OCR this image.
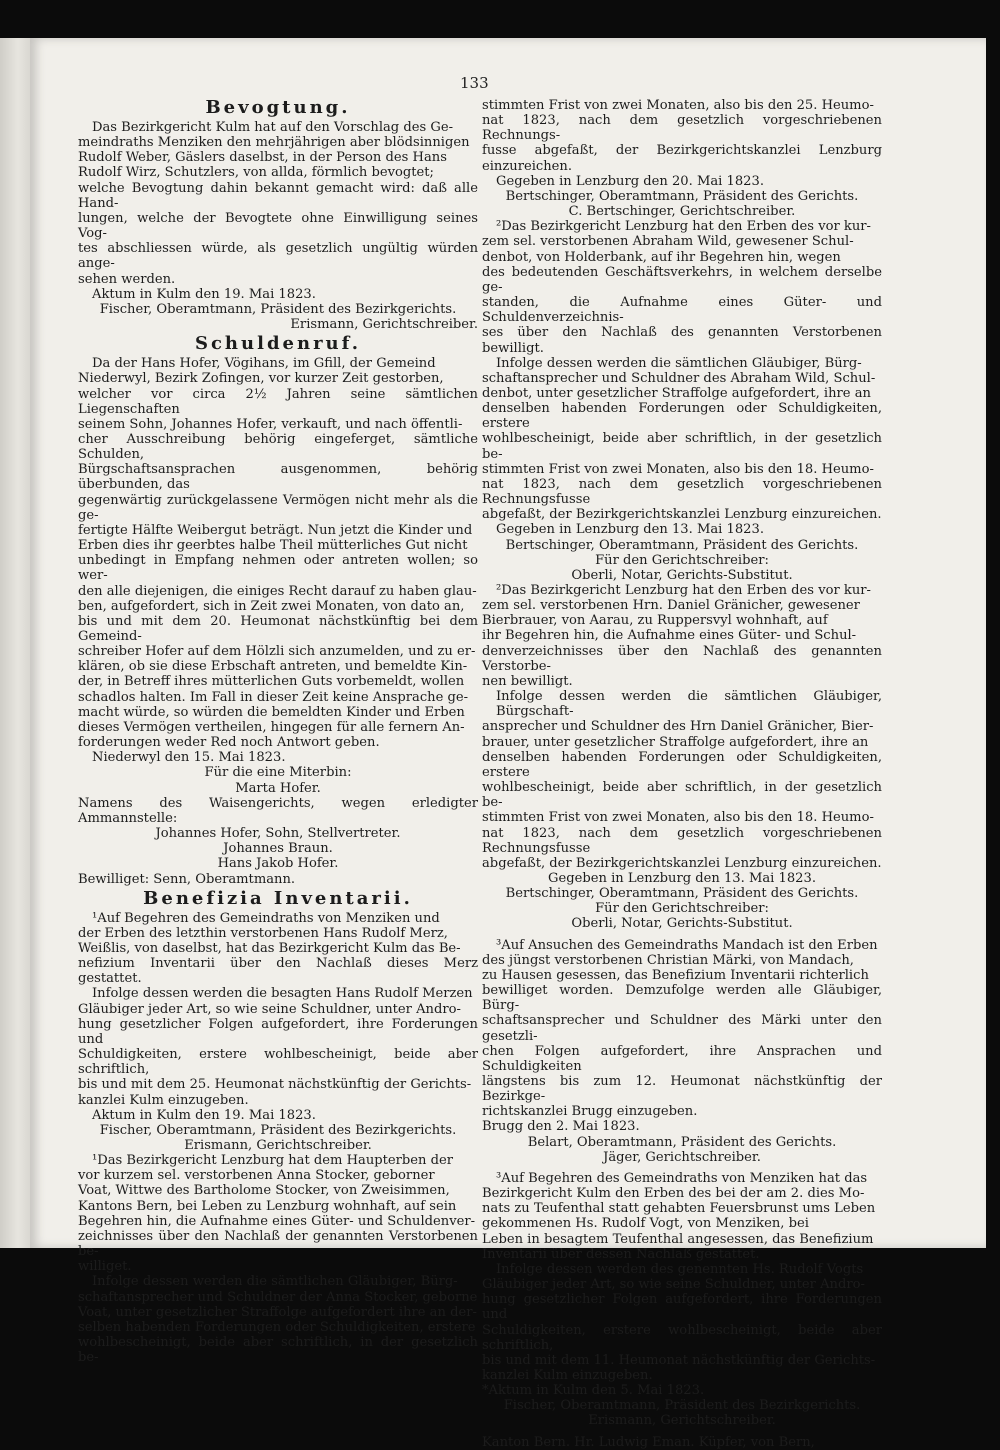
133

Bevogtung.

Das Bezirkgericht Kulm hat auf den Vorschlag des Ge-
meindraths Menziken den mehrjährigen aber blödsinnigen
Rudolf Weber, Gäslers daselbst, in der Person des Hans
Rudolf Wirz, Schutzlers, von allda, förmlich bevogtet;
welche Bevogtung dahin bekannt gemacht wird: daß alle Hand-
lungen, welche der Bevogtete ohne Einwilligung seines Vog-
tes abschliessen würde, als gesetzlich ungültig würden ange-
sehen werden.
Aktum in Kulm den 19. Mai 1823.
Fischer, Oberamtmann, Präsident des Bezirkgerichts.
Erismann, Gerichtschreiber.

Schuldenruf.

Da der Hans Hofer, Vögihans, im Gfill, der Gemeind
Niederwyl, Bezirk Zofingen, vor kurzer Zeit gestorben,
welcher vor circa 2½ Jahren seine sämtlichen Liegenschaften
seinem Sohn, Johannes Hofer, verkauft, und nach öffentli-
cher Ausschreibung behörig eingeferget, sämtliche Schulden,
Bürgschaftsansprachen ausgenommen, behörig überbunden, das
gegenwärtig zurückgelassene Vermögen nicht mehr als die ge-
fertigte Hälfte Weibergut beträgt. Nun jetzt die Kinder und
Erben dies ihr geerbtes halbe Theil mütterliches Gut nicht
unbedingt in Empfang nehmen oder antreten wollen; so wer-
den alle diejenigen, die einiges Recht darauf zu haben glau-
ben, aufgefordert, sich in Zeit zwei Monaten, von dato an,
bis und mit dem 20. Heumonat nächstkünftig bei dem Gemeind-
schreiber Hofer auf dem Hölzli sich anzumelden, und zu er-
klären, ob sie diese Erbschaft antreten, und bemeldte Kin-
der, in Betreff ihres mütterlichen Guts vorbemeldt, wollen
schadlos halten. Im Fall in dieser Zeit keine Ansprache ge-
macht würde, so würden die bemeldten Kinder und Erben
dieses Vermögen vertheilen, hingegen für alle fernern An-
forderungen weder Red noch Antwort geben.
Niederwyl den 15. Mai 1823.
Für die eine Miterbin:
Marta Hofer.
Namens des Waisengerichts, wegen erledigter Ammannstelle:
Johannes Hofer, Sohn, Stellvertreter.
Johannes Braun.
Hans Jakob Hofer.
Bewilliget: Senn, Oberamtmann.

Benefizia Inventarii.

¹Auf Begehren des Gemeindraths von Menziken und
der Erben des letzthin verstorbenen Hans Rudolf Merz,
Weißlis, von daselbst, hat das Bezirkgericht Kulm das Be-
nefizium Inventarii über den Nachlaß dieses Merz gestattet.
Infolge dessen werden die besagten Hans Rudolf Merzen
Gläubiger jeder Art, so wie seine Schuldner, unter Andro-
hung gesetzlicher Folgen aufgefordert, ihre Forderungen und
Schuldigkeiten, erstere wohlbescheinigt, beide aber schriftlich,
bis und mit dem 25. Heumonat nächstkünftig der Gerichts-
kanzlei Kulm einzugeben.
Aktum in Kulm den 19. Mai 1823.
Fischer, Oberamtmann, Präsident des Bezirkgerichts.
Erismann, Gerichtschreiber.
¹Das Bezirkgericht Lenzburg hat dem Haupterben der
vor kurzem sel. verstorbenen Anna Stocker, geborner
Voat, Wittwe des Bartholome Stocker, von Zweisimmen,
Kantons Bern, bei Leben zu Lenzburg wohnhaft, auf sein
Begehren hin, die Aufnahme eines Güter- und Schuldenver-
zeichnisses über den Nachlaß der genannten Verstorbenen be-
williget.
Infolge dessen werden die sämtlichen Gläubiger, Bürg-
schaftansprecher und Schuldner der Anna Stocker, geborne
Voat, unter gesetzlicher Straffolge aufgefordert ihre an der-
selben habenden Forderungen oder Schuldigkeiten, erstere
wohlbescheinigt, beide aber schriftlich, in der gesetzlich be-
stimmten Frist von zwei Monaten, also bis den 25. Heumo-
nat 1823, nach dem gesetzlich vorgeschriebenen Rechnungs-
fusse abgefaßt, der Bezirkgerichtskanzlei Lenzburg einzureichen.
Gegeben in Lenzburg den 20. Mai 1823.
Bertschinger, Oberamtmann, Präsident des Gerichts.
C. Bertschinger, Gerichtschreiber.
²Das Bezirkgericht Lenzburg hat den Erben des vor kur-
zem sel. verstorbenen Abraham Wild, gewesener Schul-
denbot, von Holderbank, auf ihr Begehren hin, wegen
des bedeutenden Geschäftsverkehrs, in welchem derselbe ge-
standen, die Aufnahme eines Güter- und Schuldenverzeichnis-
ses über den Nachlaß des genannten Verstorbenen bewilligt.
Infolge dessen werden die sämtlichen Gläubiger, Bürg-
schaftansprecher und Schuldner des Abraham Wild, Schul-
denbot, unter gesetzlicher Straffolge aufgefordert, ihre an
denselben habenden Forderungen oder Schuldigkeiten, erstere
wohlbescheinigt, beide aber schriftlich, in der gesetzlich be-
stimmten Frist von zwei Monaten, also bis den 18. Heumo-
nat 1823, nach dem gesetzlich vorgeschriebenen Rechnungsfusse
abgefaßt, der Bezirkgerichtskanzlei Lenzburg einzureichen.
Gegeben in Lenzburg den 13. Mai 1823.
Bertschinger, Oberamtmann, Präsident des Gerichts.
Für den Gerichtschreiber:
Oberli, Notar, Gerichts-Substitut.
²Das Bezirkgericht Lenzburg hat den Erben des vor kur-
zem sel. verstorbenen Hrn. Daniel Gränicher, gewesener
Bierbrauer, von Aarau, zu Ruppersvyl wohnhaft, auf
ihr Begehren hin, die Aufnahme eines Güter- und Schul-
denverzeichnisses über den Nachlaß des genannten Verstorbe-
nen bewilligt.
Infolge dessen werden die sämtlichen Gläubiger, Bürgschaft-
ansprecher und Schuldner des Hrn Daniel Gränicher, Bier-
brauer, unter gesetzlicher Straffolge aufgefordert, ihre an
denselben habenden Forderungen oder Schuldigkeiten, erstere
wohlbescheinigt, beide aber schriftlich, in der gesetzlich be-
stimmten Frist von zwei Monaten, also bis den 18. Heumo-
nat 1823, nach dem gesetzlich vorgeschriebenen Rechnungsfusse
abgefaßt, der Bezirkgerichtskanzlei Lenzburg einzureichen.
Gegeben in Lenzburg den 13. Mai 1823.
Bertschinger, Oberamtmann, Präsident des Gerichts.
Für den Gerichtschreiber:
Oberli, Notar, Gerichts-Substitut.
³Auf Ansuchen des Gemeindraths Mandach ist den Erben
des jüngst verstorbenen Christian Märki, von Mandach,
zu Hausen gesessen, das Benefizium Inventarii richterlich
bewilliget worden. Demzufolge werden alle Gläubiger, Bürg-
schaftsansprecher und Schuldner des Märki unter den gesetzli-
chen Folgen aufgefordert, ihre Ansprachen und Schuldigkeiten
längstens bis zum 12. Heumonat nächstkünftig der Bezirkge-
richtskanzlei Brugg einzugeben.
Brugg den 2. Mai 1823.
Belart, Oberamtmann, Präsident des Gerichts.
Jäger, Gerichtschreiber.
³Auf Begehren des Gemeindraths von Menziken hat das
Bezirkgericht Kulm den Erben des bei der am 2. dies Mo-
nats zu Teufenthal statt gehabten Feuersbrunst ums Leben
gekommenen Hs. Rudolf Vogt, von Menziken, bei
Leben in besagtem Teufenthal angesessen, das Benefizium
Inventarii über dessen Nachlaß gestattet.
Infolge dessen werden des genennten Hs. Rudolf Vogts
Gläubiger jeder Art, so wie seine Schuldner, unter Andro-
hung gesetzlicher Folgen aufgefordert, ihre Forderungen und
Schuldigkeiten, erstere wohlbescheinigt, beide aber schriftlich,
bis und mit dem 11. Heumonat nächstkünftig der Gerichts-
kanzlei Kulm einzugeben.
*Aktum in Kulm den 5. Mai 1823.
Fischer, Oberamtmann, Präsident des Bezirkgerichts.
Erismann, Gerichtschreiber.
Kanton Bern. Hr. Ludwig Eman. Küpfer, von Bern,
